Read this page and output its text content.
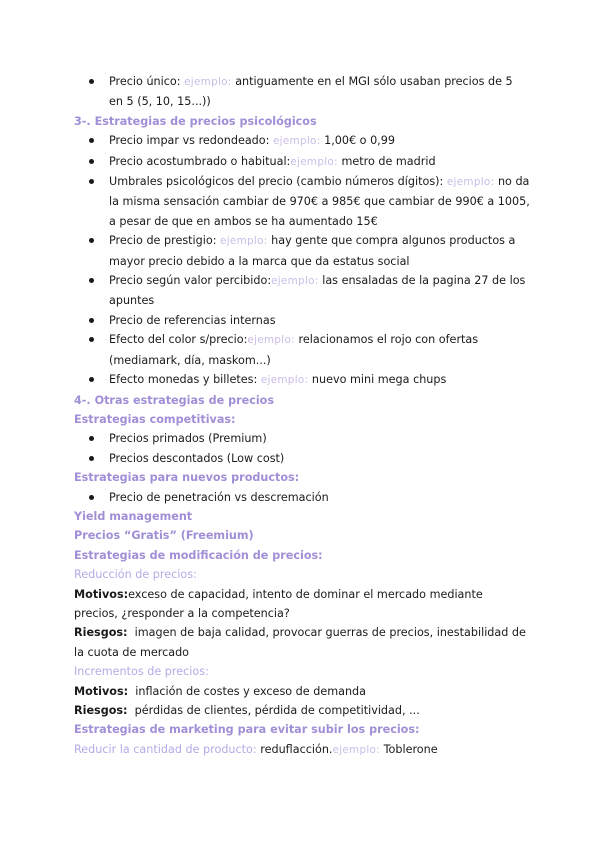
Precio único: ejemplo: antiguamente en el MGI sólo usaban precios de 5 en 5 (5, 10, 15...))
3-. Estrategias de precios psicológicos
Precio impar vs redondeado: ejemplo: 1,00€ o 0,99
Precio acostumbrado o habitual:ejemplo: metro de madrid
Umbrales psicológicos del precio (cambio números dígitos): ejemplo: no da la misma sensación cambiar de 970€ a 985€ que cambiar de 990€ a 1005, a pesar de que en ambos se ha aumentado 15€
Precio de prestigio: ejemplo: hay gente que compra algunos productos a mayor precio debido a la marca que da estatus social
Precio según valor percibido:ejemplo: las ensaladas de la pagina 27 de los apuntes
Precio de referencias internas
Efecto del color s/precio:ejemplo: relacionamos el rojo con ofertas (mediamark, día, maskom...)
Efecto monedas y billetes: ejemplo: nuevo mini mega chups
4-. Otras estrategias de precios
Estrategias competitivas:
Precios primados (Premium)
Precios descontados (Low cost)
Estrategias para nuevos productos:
Precio de penetración vs descremación
Yield management
Precios “Gratis” (Freemium)
Estrategias de modificación de precios:
Reducción de precios:
Motivos:exceso de capacidad, intento de dominar el mercado mediante precios, ¿responder a la competencia?
Riesgos: imagen de baja calidad, provocar guerras de precios, inestabilidad de la cuota de mercado
Incrementos de precios:
Motivos: inflación de costes y exceso de demanda
Riesgos: pérdidas de clientes, pérdida de competitividad, ...
Estrategias de marketing para evitar subir los precios:
Reducir la cantidad de producto: reduflacción.ejemplo: Toblerone
